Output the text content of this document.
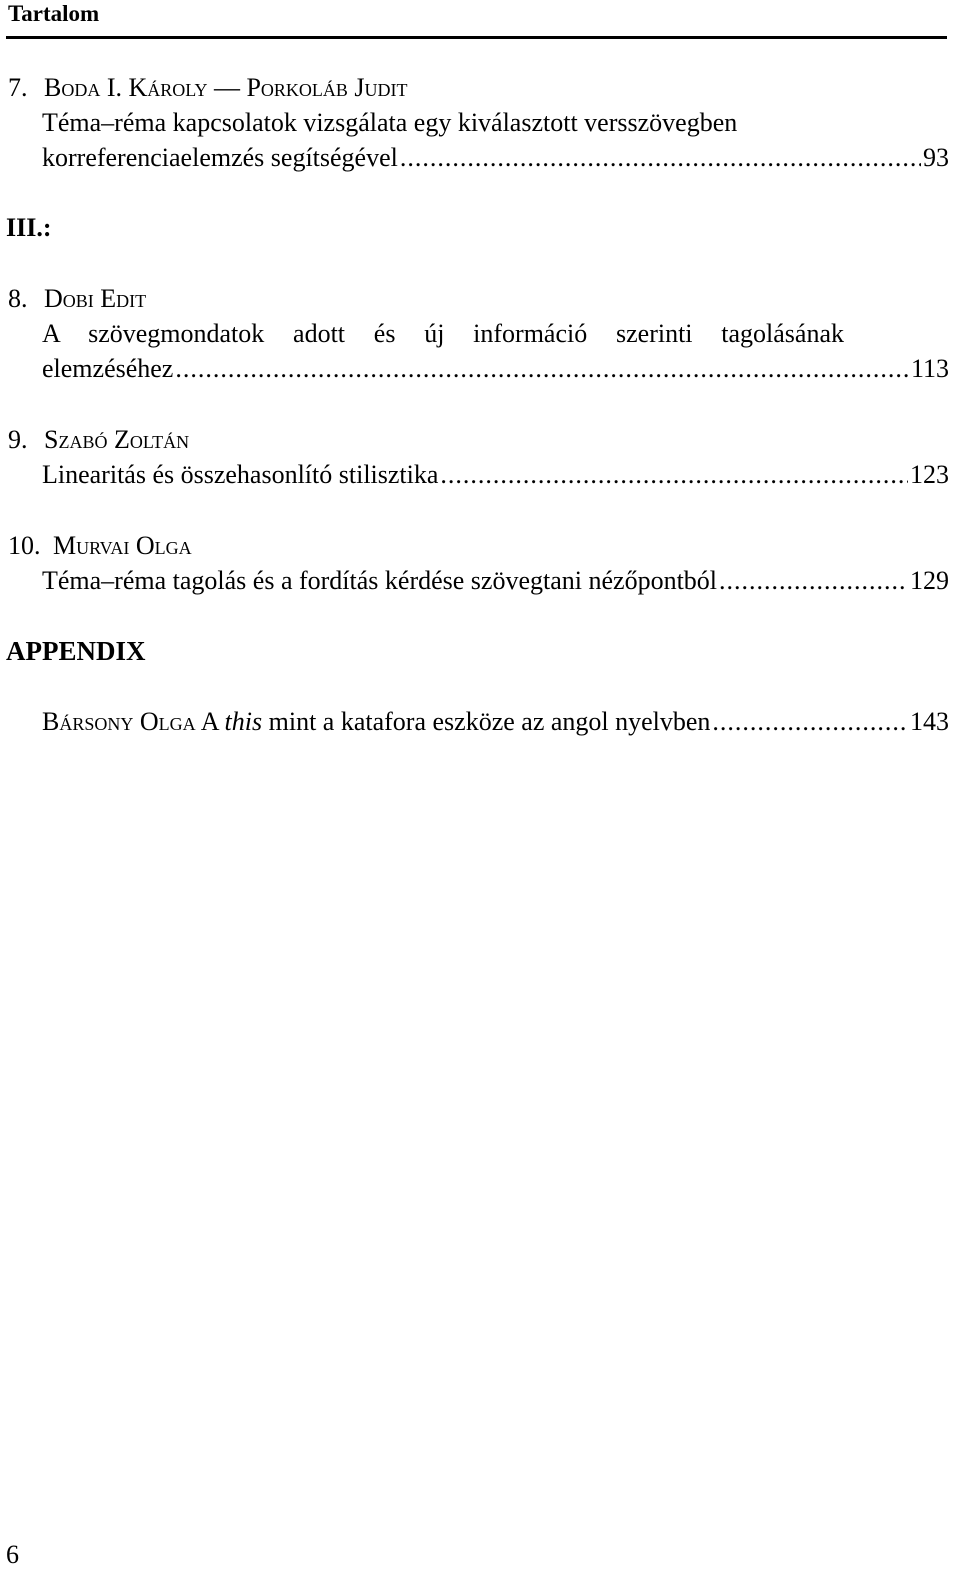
Tartalom
7. Boda I. Károly — Porkoláb Judit
Téma–réma kapcsolatok vizsgálata egy kiválasztott versszövegben
korreferenciaelemzés segítségével .....	93
III.:
8. Dobi Edit
A szövegmondatok adott és új információ szerinti tagolásának
elemzéséhez .....	113
9. Szabó Zoltán
Linearitás és összehasonlító stilisztika .....	123
10. Murvai Olga
Téma–réma tagolás és a fordítás kérdése szövegtani nézőpontból .....	129
APPENDIX
Bársony Olga A this mint a katafora eszköze az angol nyelvben .....	143
6
